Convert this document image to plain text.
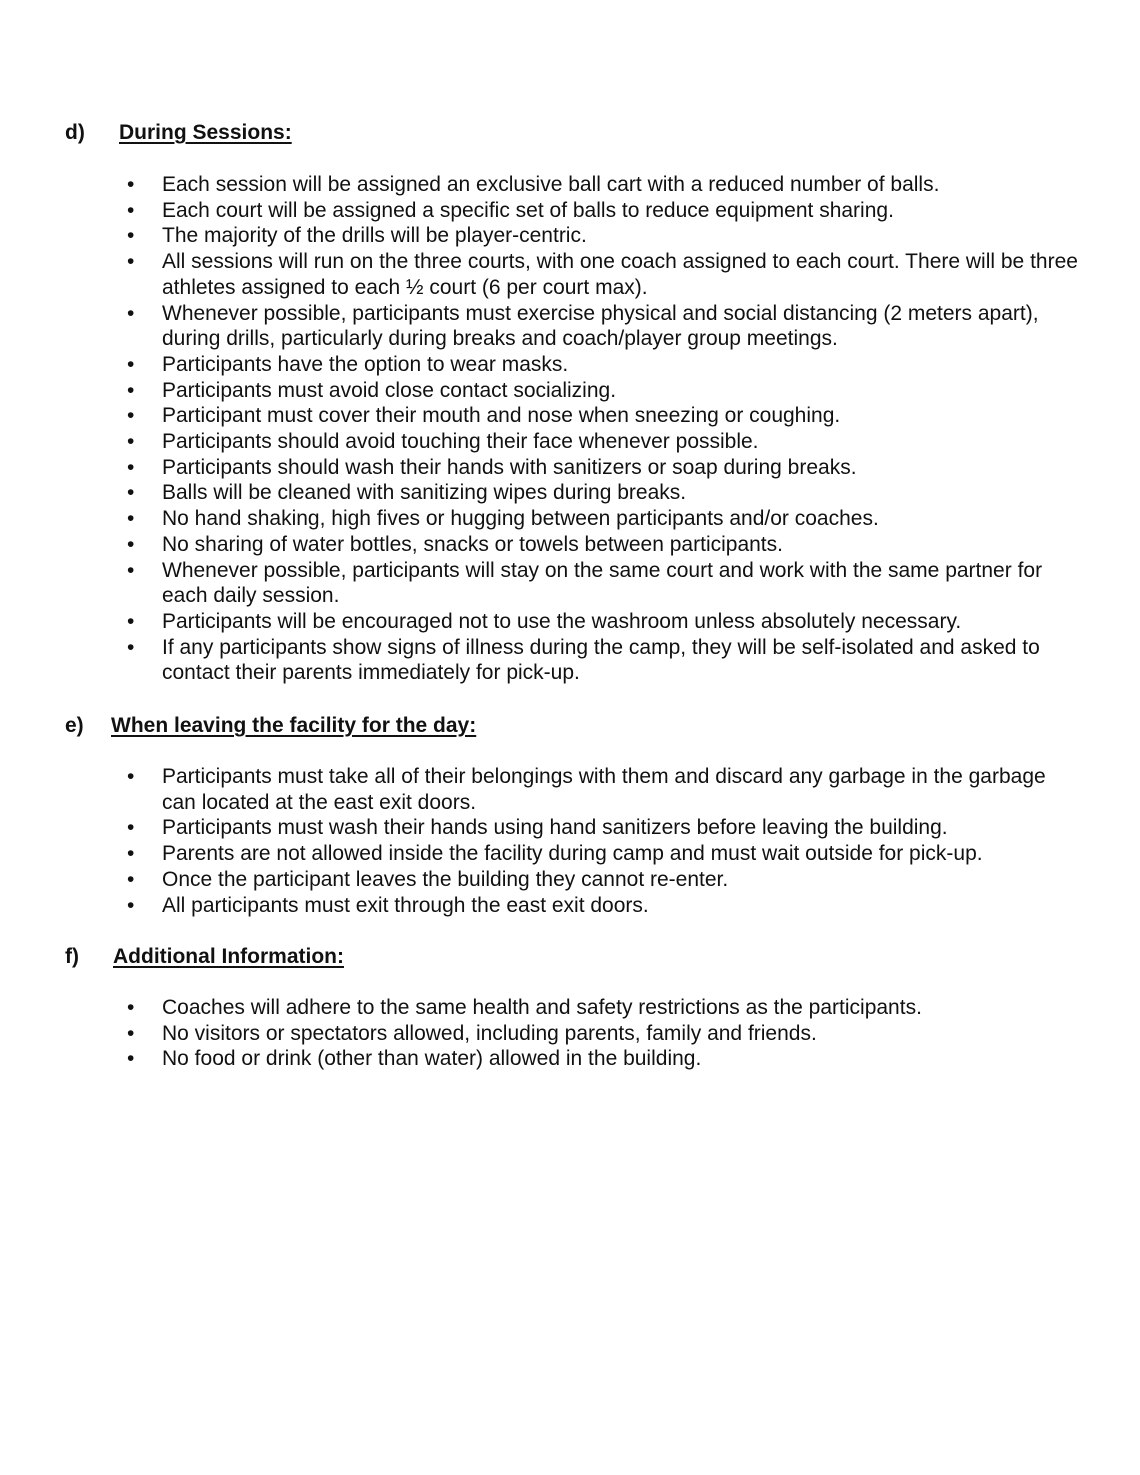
d) During Sessions:
• Each session will be assigned an exclusive ball cart with a reduced number of balls.
• Each court will be assigned a specific set of balls to reduce equipment sharing.
• The majority of the drills will be player-centric.
• All sessions will run on the three courts, with one coach assigned to each court. There will be three athletes assigned to each ½ court (6 per court max).
• Whenever possible, participants must exercise physical and social distancing (2 meters apart), during drills, particularly during breaks and coach/player group meetings.
• Participants have the option to wear masks.
• Participants must avoid close contact socializing.
• Participant must cover their mouth and nose when sneezing or coughing.
• Participants should avoid touching their face whenever possible.
• Participants should wash their hands with sanitizers or soap during breaks.
• Balls will be cleaned with sanitizing wipes during breaks.
• No hand shaking, high fives or hugging between participants and/or coaches.
• No sharing of water bottles, snacks or towels between participants.
• Whenever possible, participants will stay on the same court and work with the same partner for each daily session.
• Participants will be encouraged not to use the washroom unless absolutely necessary.
• If any participants show signs of illness during the camp, they will be self-isolated and asked to contact their parents immediately for pick-up.
e) When leaving the facility for the day:
• Participants must take all of their belongings with them and discard any garbage in the garbage can located at the east exit doors.
• Participants must wash their hands using hand sanitizers before leaving the building.
• Parents are not allowed inside the facility during camp and must wait outside for pick-up.
• Once the participant leaves the building they cannot re-enter.
• All participants must exit through the east exit doors.
f) Additional Information:
• Coaches will adhere to the same health and safety restrictions as the participants.
• No visitors or spectators allowed, including parents, family and friends.
• No food or drink (other than water) allowed in the building.
